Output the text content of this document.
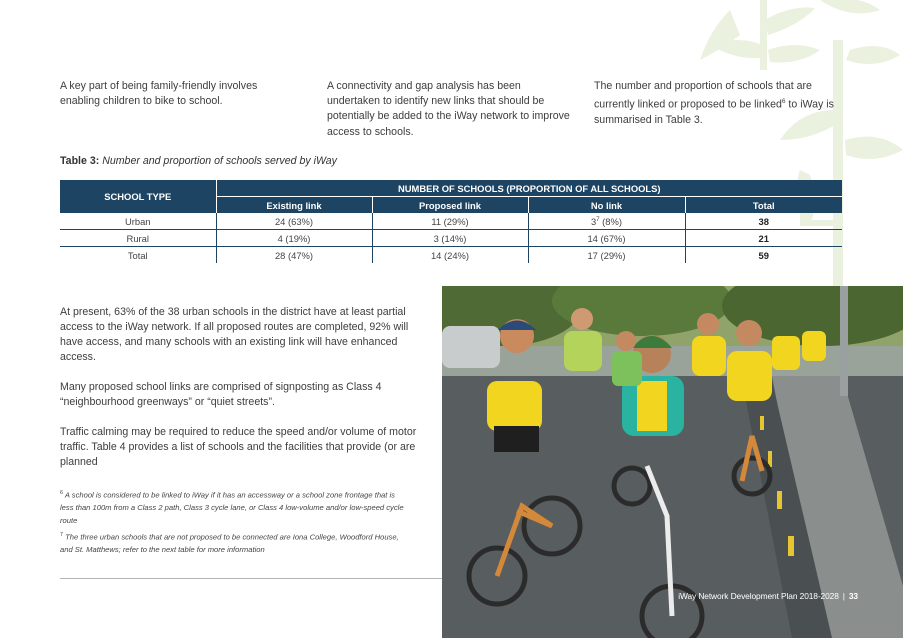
A key part of being family-friendly involves enabling children to bike to school.
A connectivity and gap analysis has been undertaken to identify new links that should be potentially be added to the iWay network to improve access to schools.
The number and proportion of schools that are currently linked or proposed to be linked$^6$ to iWay is summarised in Table 3.
Table 3: Number and proportion of schools served by iWay
SCHOOL TYPE	NUMBER OF SCHOOLS (PROPORTION OF ALL SCHOOLS)			
	Existing link	Proposed link	No link	Total
Urban	24 (63%)	11 (29%)	$3^7$ (8%)	38
Rural	4 (19%)	3 (14%)	14 (67%)	21
Total	28 (47%)	14 (24%)	17 (29%)	59

At present, 63% of the 38 urban schools in the district have at least partial access to the iWay network. If all proposed routes are completed, 92% will have access, and many schools with an existing link will have enhanced access.

Many proposed school links are comprised of signposting as Class 4 “neighbourhood greenways” or “quiet streets”.

Traffic calming may be required to reduce the speed and/or volume of motor traffic. Table 4 provides a list of schools and the facilities that provide (or are planned

$^6$ A school is considered to be linked to iWay if it has an accessway or a school zone frontage that is less than 100m from a Class 2 path, Class 3 cycle lane, or Class 4 low-volume and/or low-speed cycle route

$^7$ The three urban schools that are not proposed to be connected are Iona College, Woodford House, and St. Matthews; refer to the next table for more information

iWay Network Development Plan 2018-2028 | 33
